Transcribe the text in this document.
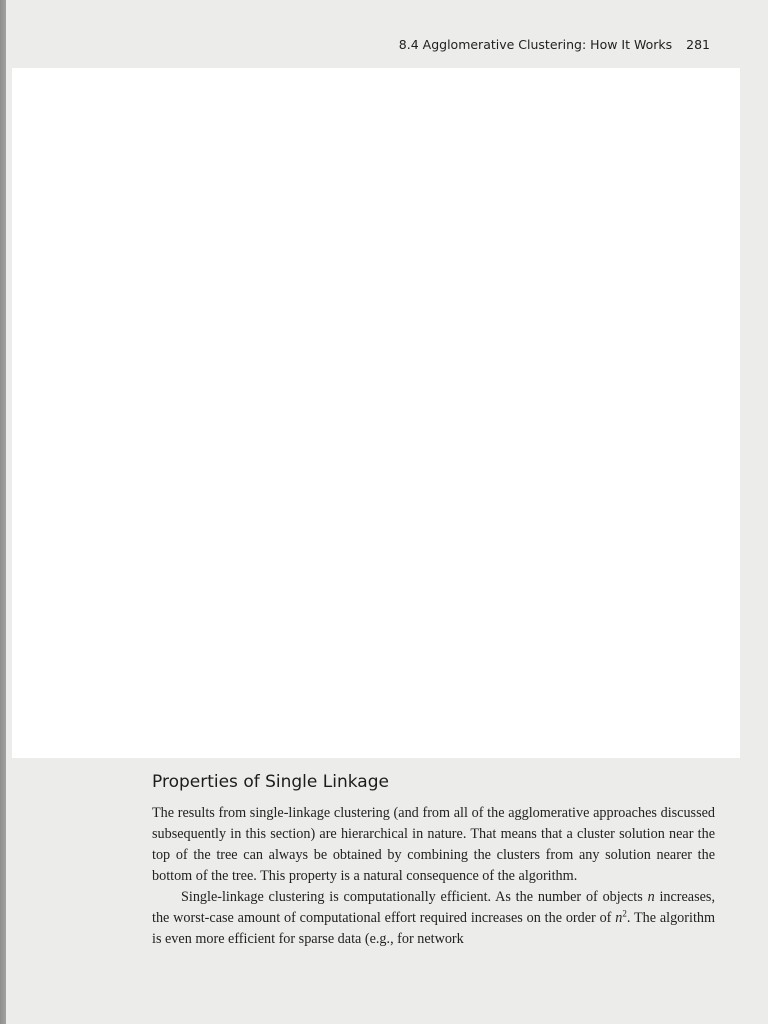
8.4 Agglomerative Clustering: How It Works 281
Properties of Single Linkage

The results from single-linkage clustering (and from all of the agglomerative approaches discussed subsequently in this section) are hierarchical in nature. That means that a cluster solution near the top of the tree can always be obtained by combining the clusters from any solution nearer the bottom of the tree. This property is a natural consequence of the algorithm.

Single-linkage clustering is computationally efficient. As the number of objects n increases, the worst-case amount of computational effort required increases on the order of $n^2$. The algorithm is even more efficient for sparse data (e.g., for network
